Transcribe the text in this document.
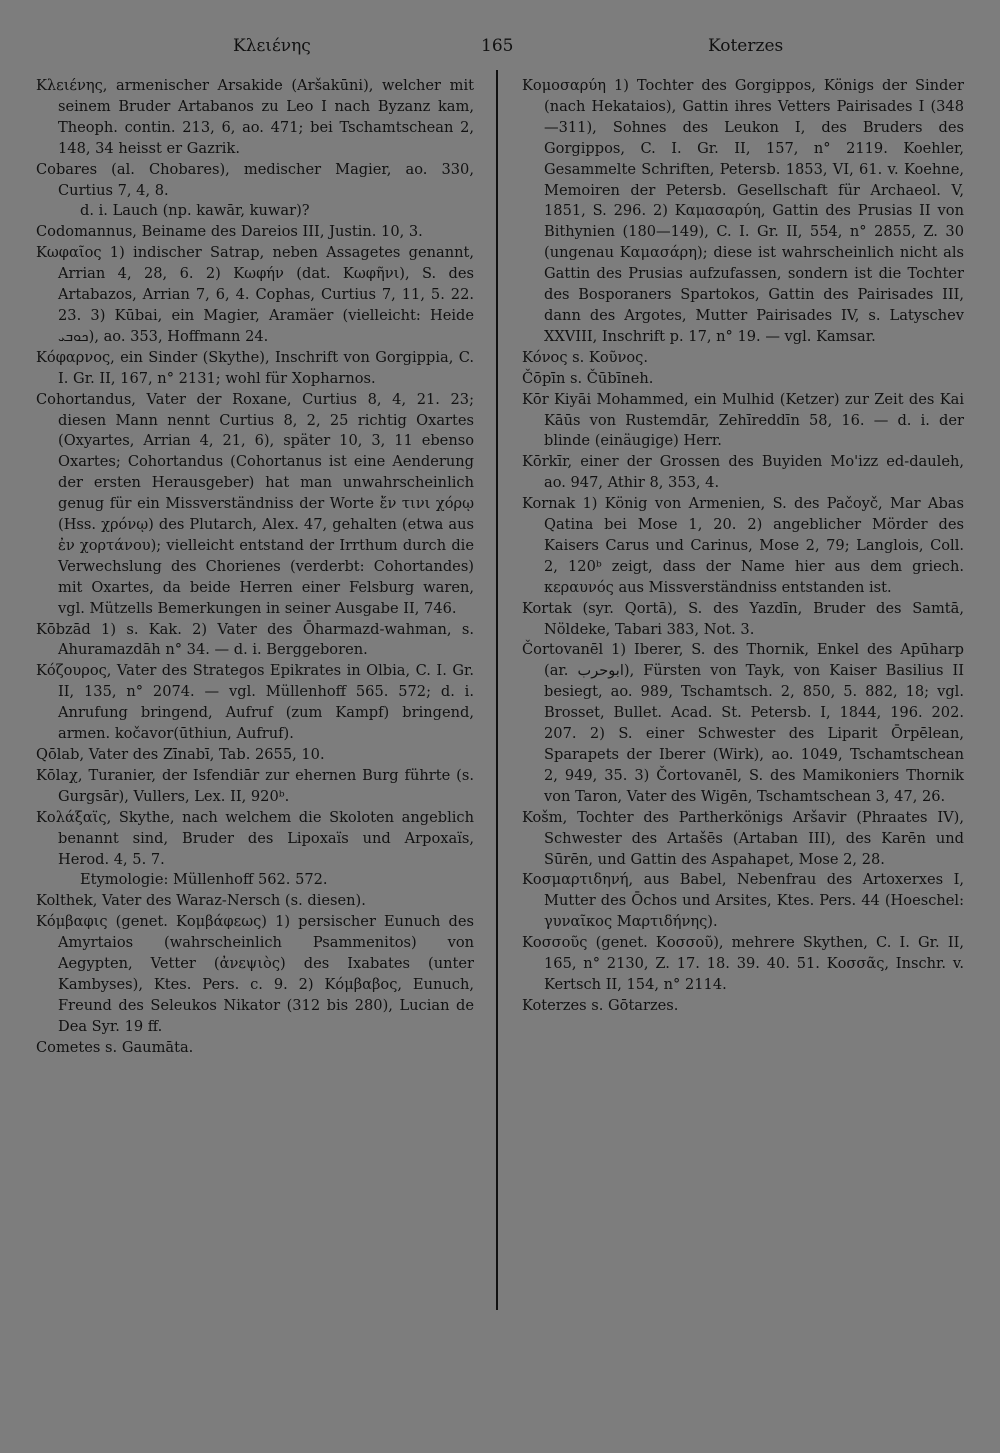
Κλειένης	165	Koterzes

Κλειένης, armenischer Arsakide (Aršakūni), welcher mit seinem Bruder Artabanos zu Leo I nach Byzanz kam, Theoph. contin. 213, 6, ao. 471; bei Tschamtschean 2, 148, 34 heisst er Gazrik.

Cobares (al. Chobares), medischer Magier, ao. 330, Curtius 7, 4, 8.

d. i. Lauch (np. kawār, kuwar)?

Codomannus, Beiname des Dareios III, Justin. 10, 3.

Κωφαῖος 1) indischer Satrap, neben Assagetes genannt, Arrian 4, 28, 6. 2) Κωφήν (dat. Κωφῆνι), S. des Artabazos, Arrian 7, 6, 4. Cophas, Curtius 7, 11, 5. 22. 23. 3) Kūbai, ein Magier, Aramäer (vielleicht: Heide ܟܘܒܝ), ao. 353, Hoffmann 24.

Κόφαρνος, ein Sinder (Skythe), Inschrift von Gorgippia, C. I. Gr. II, 167, n° 2131; wohl für Xopharnos.

Cohortandus, Vater der Roxane, Curtius 8, 4, 21. 23; diesen Mann nennt Curtius 8, 2, 25 richtig Oxartes (Oxyartes, Arrian 4, 21, 6), später 10, 3, 11 ebenso Oxartes; Cohortandus (Cohortanus ist eine Aenderung der ersten Herausgeber) hat man unwahrscheinlich genug für ein Missverständniss der Worte ἔν τινι χόρῳ (Hss. χρόνῳ) des Plutarch, Alex. 47, gehalten (etwa aus ἐν χορτάνου); vielleicht entstand der Irrthum durch die Verwechslung des Chorienes (verderbt: Cohortandes) mit Oxartes, da beide Herren einer Felsburg waren, vgl. Mützells Bemerkungen in seiner Ausgabe II, 746.

Kōbzād 1) s. Kak. 2) Vater des Ōharmazd-wahman, s. Ahuramazdāh n° 34. — d. i. Berggeboren.

Κόζουρος, Vater des Strategos Epikrates in Olbia, C. I. Gr. II, 135, n° 2074. — vgl. Müllenhoff 565. 572; d. i. Anrufung bringend, Aufruf (zum Kampf) bringend, armen. kočavor(ūthiun, Aufruf).

Qōlab, Vater des Zīnabī, Tab. 2655, 10.

Kōlaχ, Turanier, der Isfendiār zur ehernen Burg führte (s. Gurgsār), Vullers, Lex. II, 920ᵇ.

Κολάξαϊς, Skythe, nach welchem die Skoloten angeblich benannt sind, Bruder des Lipoxaïs und Arpoxaïs, Herod. 4, 5. 7.

Etymologie: Müllenhoff 562. 572.

Kolthek, Vater des Waraz-Nersch (s. diesen).

Κόμβαφις (genet. Κομβάφεως) 1) persischer Eunuch des Amyrtaios (wahrscheinlich Psammenitos) von Aegypten, Vetter (ἀνεψιὸς) des Ixabates (unter Kambyses), Ktes. Pers. c. 9. 2) Κόμβαβος, Eunuch, Freund des Seleukos Nikator (312 bis 280), Lucian de Dea Syr. 19 ff.

Cometes s. Gaumāta.

Κομοσαρύη 1) Tochter des Gorgippos, Königs der Sinder (nach Hekataios), Gattin ihres Vetters Pairisades I (348—311), Sohnes des Leukon I, des Bruders des Gorgippos, C. I. Gr. II, 157, n° 2119. Koehler, Gesammelte Schriften, Petersb. 1853, VI, 61. v. Koehne, Memoiren der Petersb. Gesellschaft für Archaeol. V, 1851, S. 296. 2) Καμασαρύη, Gattin des Prusias II von Bithynien (180—149), C. I. Gr. II, 554, n° 2855, Z. 30 (ungenau Καμασάρη); diese ist wahrscheinlich nicht als Gattin des Prusias aufzufassen, sondern ist die Tochter des Bosporaners Spartokos, Gattin des Pairisades III, dann des Argotes, Mutter Pairisades IV, s. Latyschev XXVIII, Inschrift p. 17, n° 19. — vgl. Kamsar.

Κόνος s. Κοῦνος.

Čōpīn s. Čūbīneh.

Kōr Kiyāi Mohammed, ein Mulhid (Ketzer) zur Zeit des Kai Kāūs von Rustemdār, Zehīreddīn 58, 16. — d. i. der blinde (einäugige) Herr.

Kōrkīr, einer der Grossen des Buyiden Mo'izz ed-dauleh, ao. 947, Athir 8, 353, 4.

Kornak 1) König von Armenien, S. des Pačoyč, Mar Abas Qatina bei Mose 1, 20. 2) angeblicher Mörder des Kaisers Carus und Carinus, Mose 2, 79; Langlois, Coll. 2, 120ᵇ zeigt, dass der Name hier aus dem griech. κεραυνός aus Missverständniss entstanden ist.

Kortak (syr. Qortā), S. des Yazdīn, Bruder des Samtā, Nöldeke, Tabari 383, Not. 3.

Čortovanēl 1) Iberer, S. des Thornik, Enkel des Apūharp (ar. ابوحرب), Fürsten von Tayk, von Kaiser Basilius II besiegt, ao. 989, Tschamtsch. 2, 850, 5. 882, 18; vgl. Brosset, Bullet. Acad. St. Petersb. I, 1844, 196. 202. 207. 2) S. einer Schwester des Liparit Ōrpēlean, Sparapets der Iberer (Wirk), ao. 1049, Tschamtschean 2, 949, 35. 3) Čortovanēl, S. des Mamikoniers Thornik von Taron, Vater des Wigēn, Tschamtschean 3, 47, 26.

Košm, Tochter des Partherkönigs Aršavir (Phraates IV), Schwester des Artašēs (Artaban III), des Karēn und Sūrēn, und Gattin des Aspahapet, Mose 2, 28.

Κοσμαρτιδηνή, aus Babel, Nebenfrau des Artoxerxes I, Mutter des Ōchos und Arsites, Ktes. Pers. 44 (Hoeschel: γυναῖκος Μαρτιδήνης).

Κοσσοῦς (genet. Κοσσοῦ), mehrere Skythen, C. I. Gr. II, 165, n° 2130, Z. 17. 18. 39. 40. 51. Κοσσᾶς, Inschr. v. Kertsch II, 154, n° 2114.

Koterzes s. Gōtarzes.
